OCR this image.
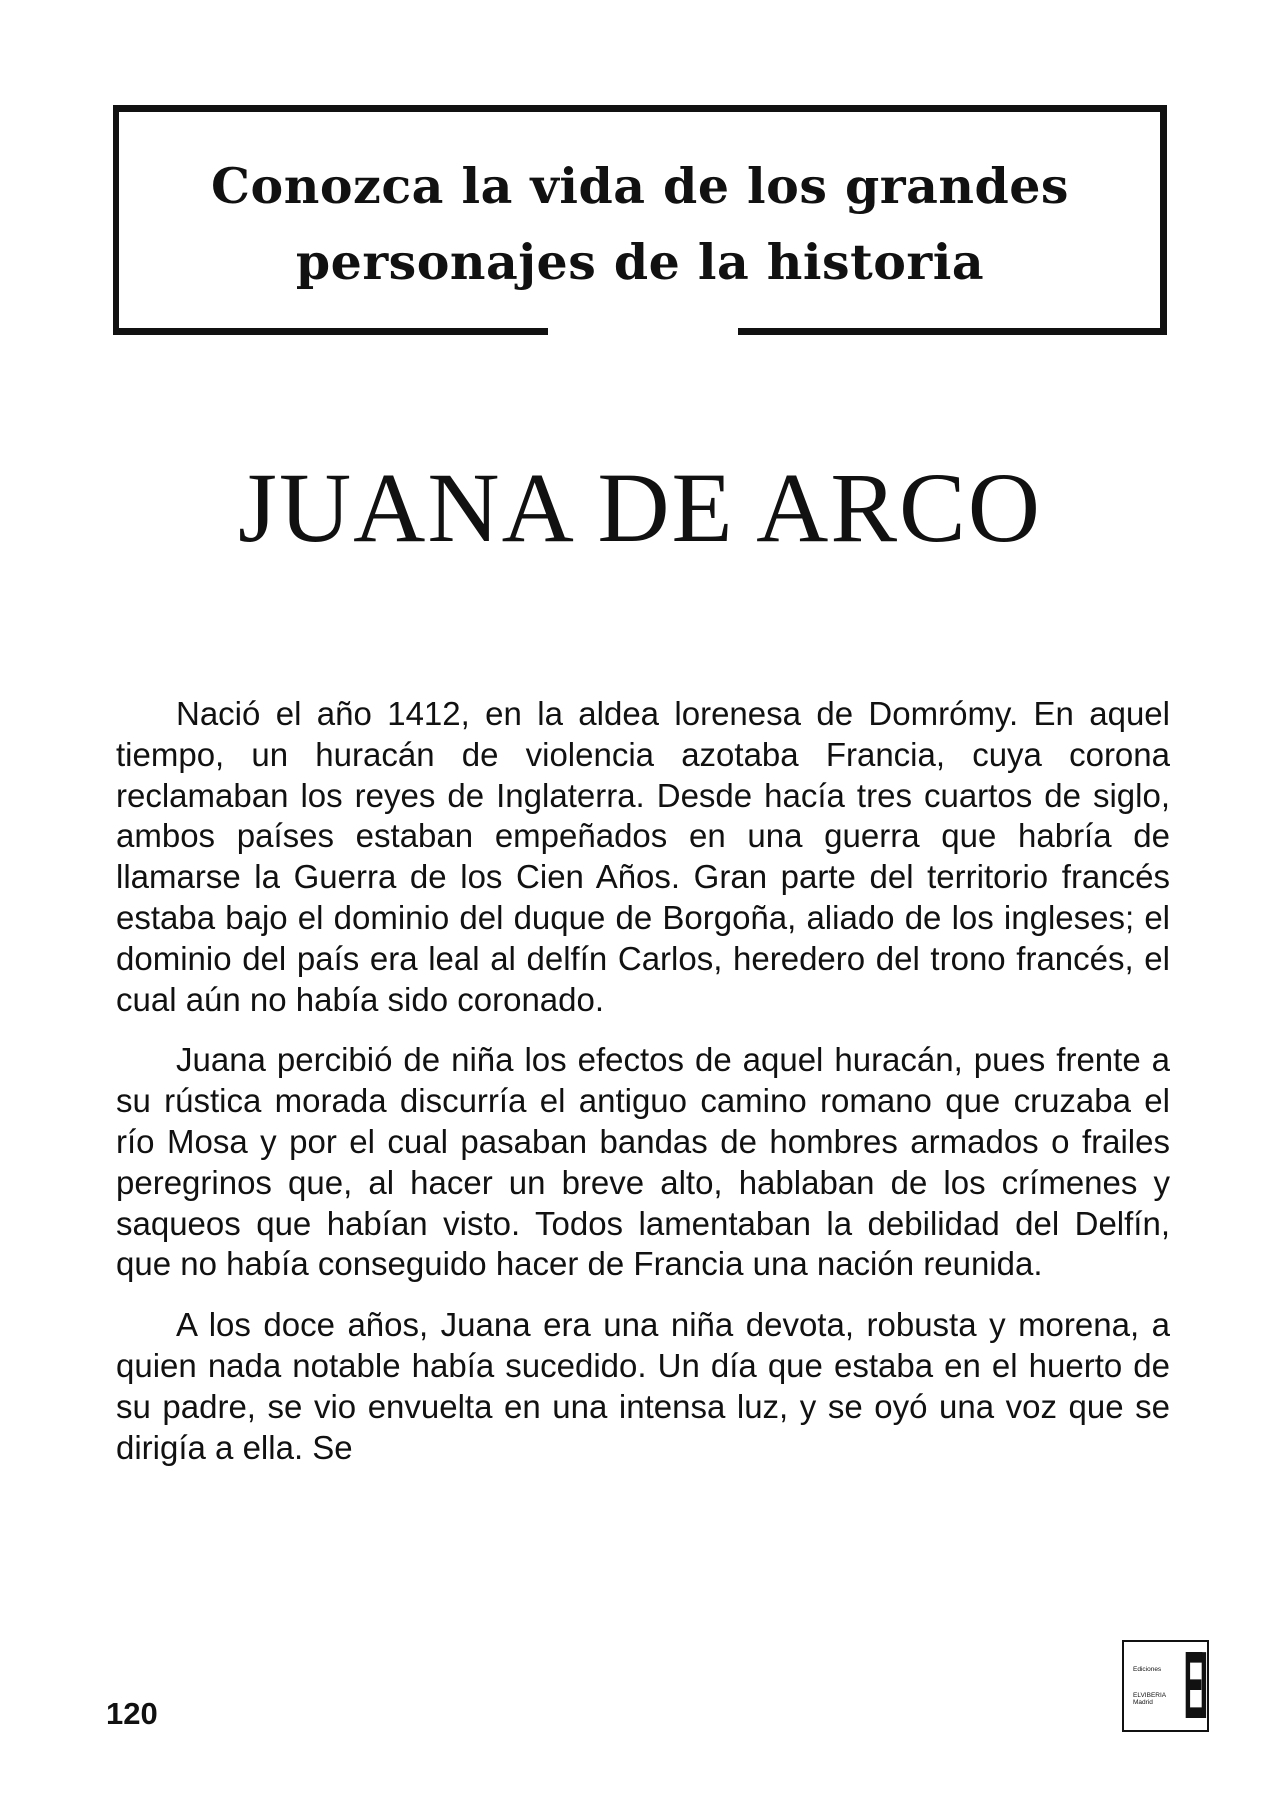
Conozca la vida de los grandes
personajes de la historia
JUANA DE ARCO

Nació el año 1412, en la aldea lorenesa de Domrómy. En aquel tiempo, un huracán de violencia azotaba Francia, cuya corona reclamaban los reyes de Inglaterra. Desde hacía tres cuartos de siglo, ambos países estaban empeñados en una guerra que habría de llamarse la Guerra de los Cien Años. Gran parte del territorio francés estaba bajo el dominio del duque de Borgoña, aliado de los ingleses; el dominio del país era leal al delfín Carlos, heredero del trono francés, el cual aún no había sido coronado.

Juana percibió de niña los efectos de aquel huracán, pues frente a su rústica morada discurría el antiguo camino romano que cruzaba el río Mosa y por el cual pasaban bandas de hombres armados o frailes peregrinos que, al hacer un breve alto, hablaban de los crímenes y saqueos que habían visto. Todos lamentaban la debilidad del Delfín, que no había conseguido hacer de Francia una nación reunida.

A los doce años, Juana era una niña devota, robusta y morena, a quien nada notable había sucedido. Un día que estaba en el huerto de su padre, se vio envuelta en una intensa luz, y se oyó una voz que se dirigía a ella. Se

120
Ediciones
ELVIBERIA
Madrid EI
